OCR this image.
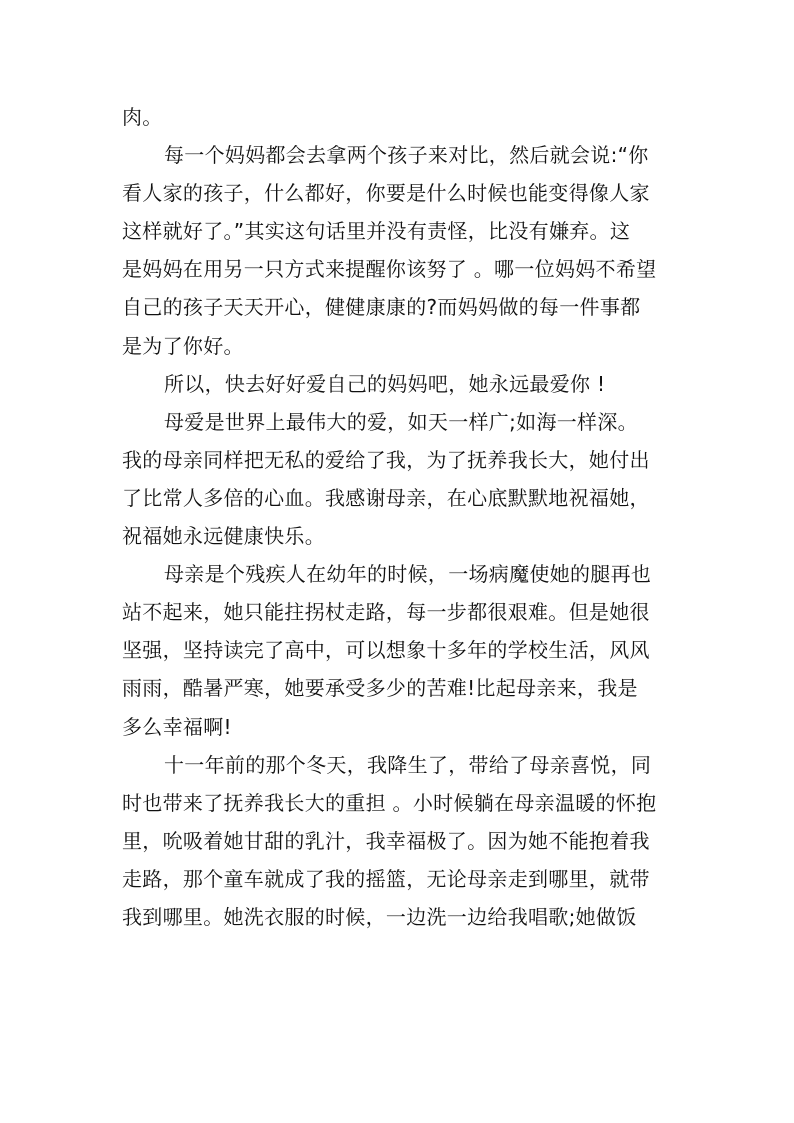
肉。
每一个妈妈都会去拿两个孩子来对比，然后就会说:“你
看人家的孩子，什么都好，你要是什么时候也能变得像人家
这样就好了。”其实这句话里并没有责怪，比没有嫌弃。这
是妈妈在用另一只方式来提醒你该努了 。哪一位妈妈不希望
自己的孩子天天开心，健健康康的?而妈妈做的每一件事都
是为了你好。
所以，快去好好爱自己的妈妈吧，她永远最爱你 !
母爱是世界上最伟大的爱，如天一样广;如海一样深。
我的母亲同样把无私的爱给了我，为了抚养我长大，她付出
了比常人多倍的心血。我感谢母亲，在心底默默地祝福她，
祝福她永远健康快乐。
母亲是个残疾人在幼年的时候，一场病魔使她的腿再也
站不起来，她只能拄拐杖走路，每一步都很艰难。但是她很
坚强，坚持读完了高中，可以想象十多年的学校生活，风风
雨雨，酷暑严寒，她要承受多少的苦难!比起母亲来，我是
多么幸福啊!
十一年前的那个冬天，我降生了，带给了母亲喜悦，同
时也带来了抚养我长大的重担 。小时候躺在母亲温暖的怀抱
里，吮吸着她甘甜的乳汁，我幸福极了。因为她不能抱着我
走路，那个童车就成了我的摇篮，无论母亲走到哪里，就带
我到哪里。她洗衣服的时候，一边洗一边给我唱歌;她做饭
